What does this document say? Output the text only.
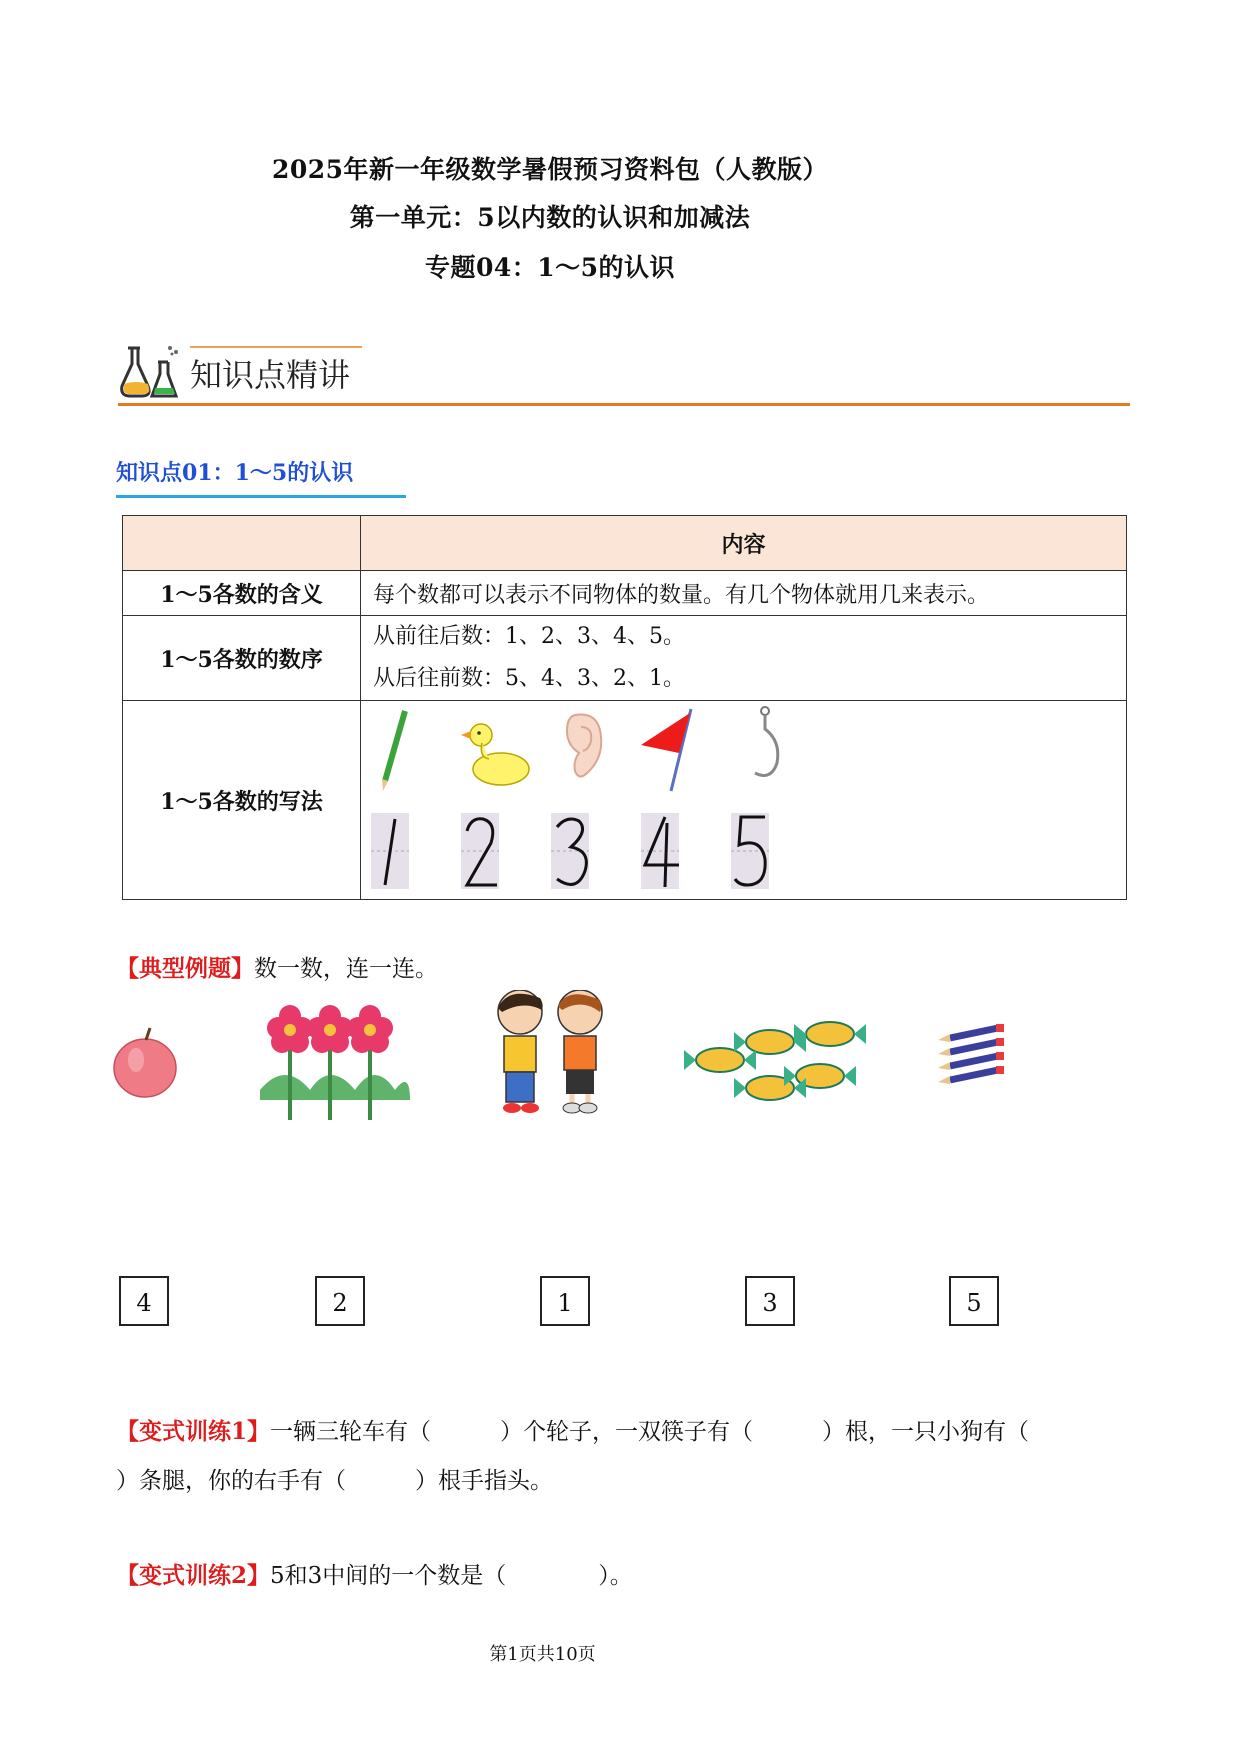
2025年新一年级数学暑假预习资料包（人教版）
第一单元：5以内数的认识和加减法
专题04：1～5的认识
知识点精讲
知识点01：1～5的认识
	内容
1～5各数的含义	每个数都可以表示不同物体的数量。有几个物体就用几来表示。
1～5各数的数序	从前往后数：1、2、3、4、5。
从后往前数：5、4、3、2、1。

1～5各数的写法	
【典型例题】数一数，连一连。
4	2	1	3	5
【变式训练1】一辆三轮车有（　　　）个轮子，一双筷子有（　　　）根，一只小狗有（
）条腿，你的右手有（　　　）根手指头。
【变式训练2】5和3中间的一个数是（　　　　）。
第1页共10页
